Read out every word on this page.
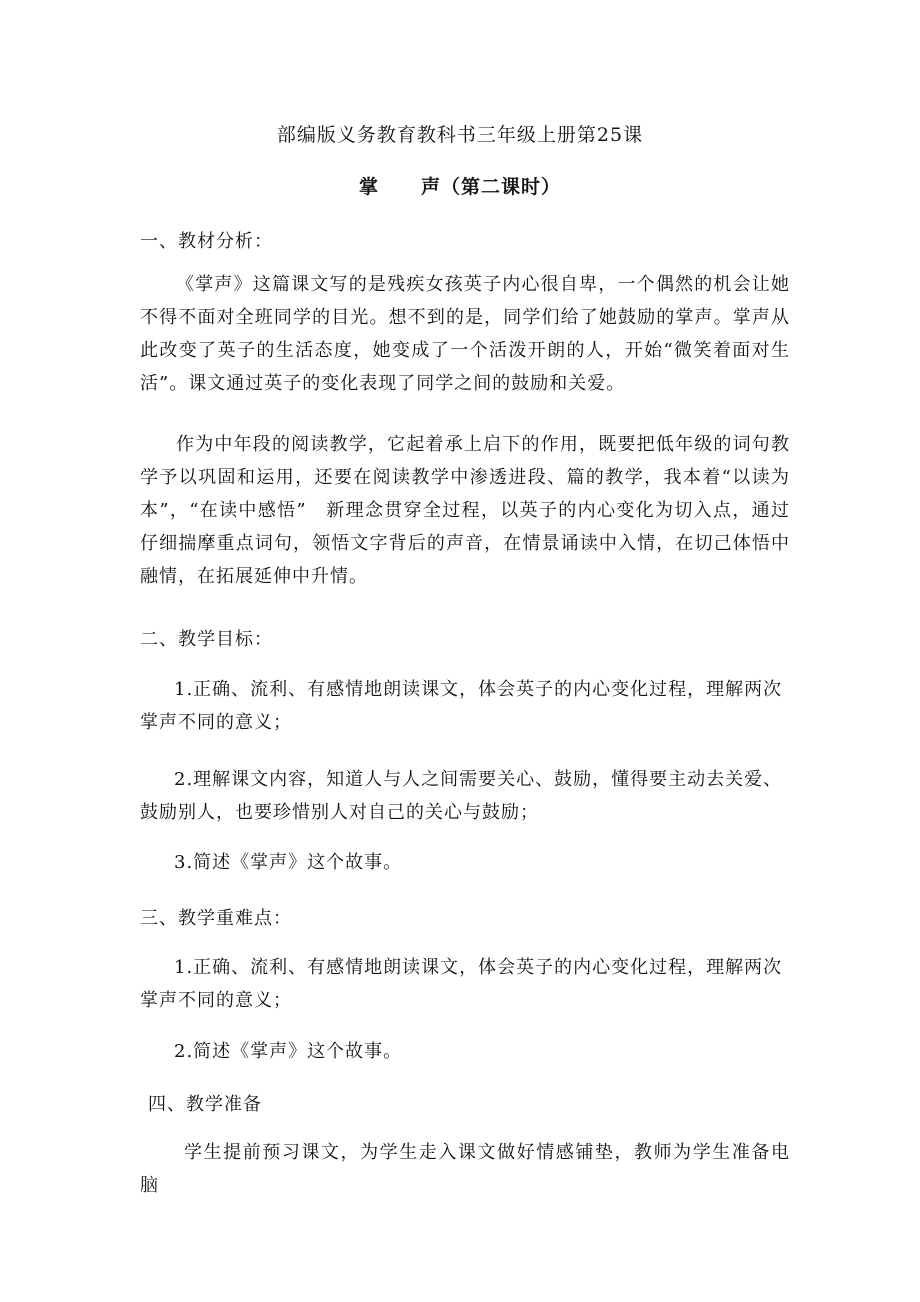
部编版义务教育教科书三年级上册第25课
掌 声（第二课时）
一、教材分析：

《掌声》这篇课文写的是残疾女孩英子内心很自卑，一个偶然的机会让她不得不面对全班同学的目光。想不到的是，同学们给了她鼓励的掌声。掌声从此改变了英子的生活态度，她变成了一个活泼开朗的人，开始“微笑着面对生活”。课文通过英子的变化表现了同学之间的鼓励和关爱。

作为中年段的阅读教学，它起着承上启下的作用，既要把低年级的词句教学予以巩固和运用，还要在阅读教学中渗透进段、篇的教学，我本着“以读为本”，“在读中感悟”　新理念贯穿全过程，以英子的内心变化为切入点，通过仔细揣摩重点词句，领悟文字背后的声音，在情景诵读中入情，在切己体悟中融情，在拓展延伸中升情。

二、教学目标：

1.正确、流利、有感情地朗读课文，体会英子的内心变化过程，理解两次掌声不同的意义；

2.理解课文内容，知道人与人之间需要关心、鼓励，懂得要主动去关爱、鼓励别人，也要珍惜别人对自己的关心与鼓励；

3.简述《掌声》这个故事。

三、教学重难点：

1.正确、流利、有感情地朗读课文，体会英子的内心变化过程，理解两次掌声不同的意义；

2.简述《掌声》这个故事。

四、教学准备

学生提前预习课文，为学生走入课文做好情感铺垫，教师为学生准备电脑
